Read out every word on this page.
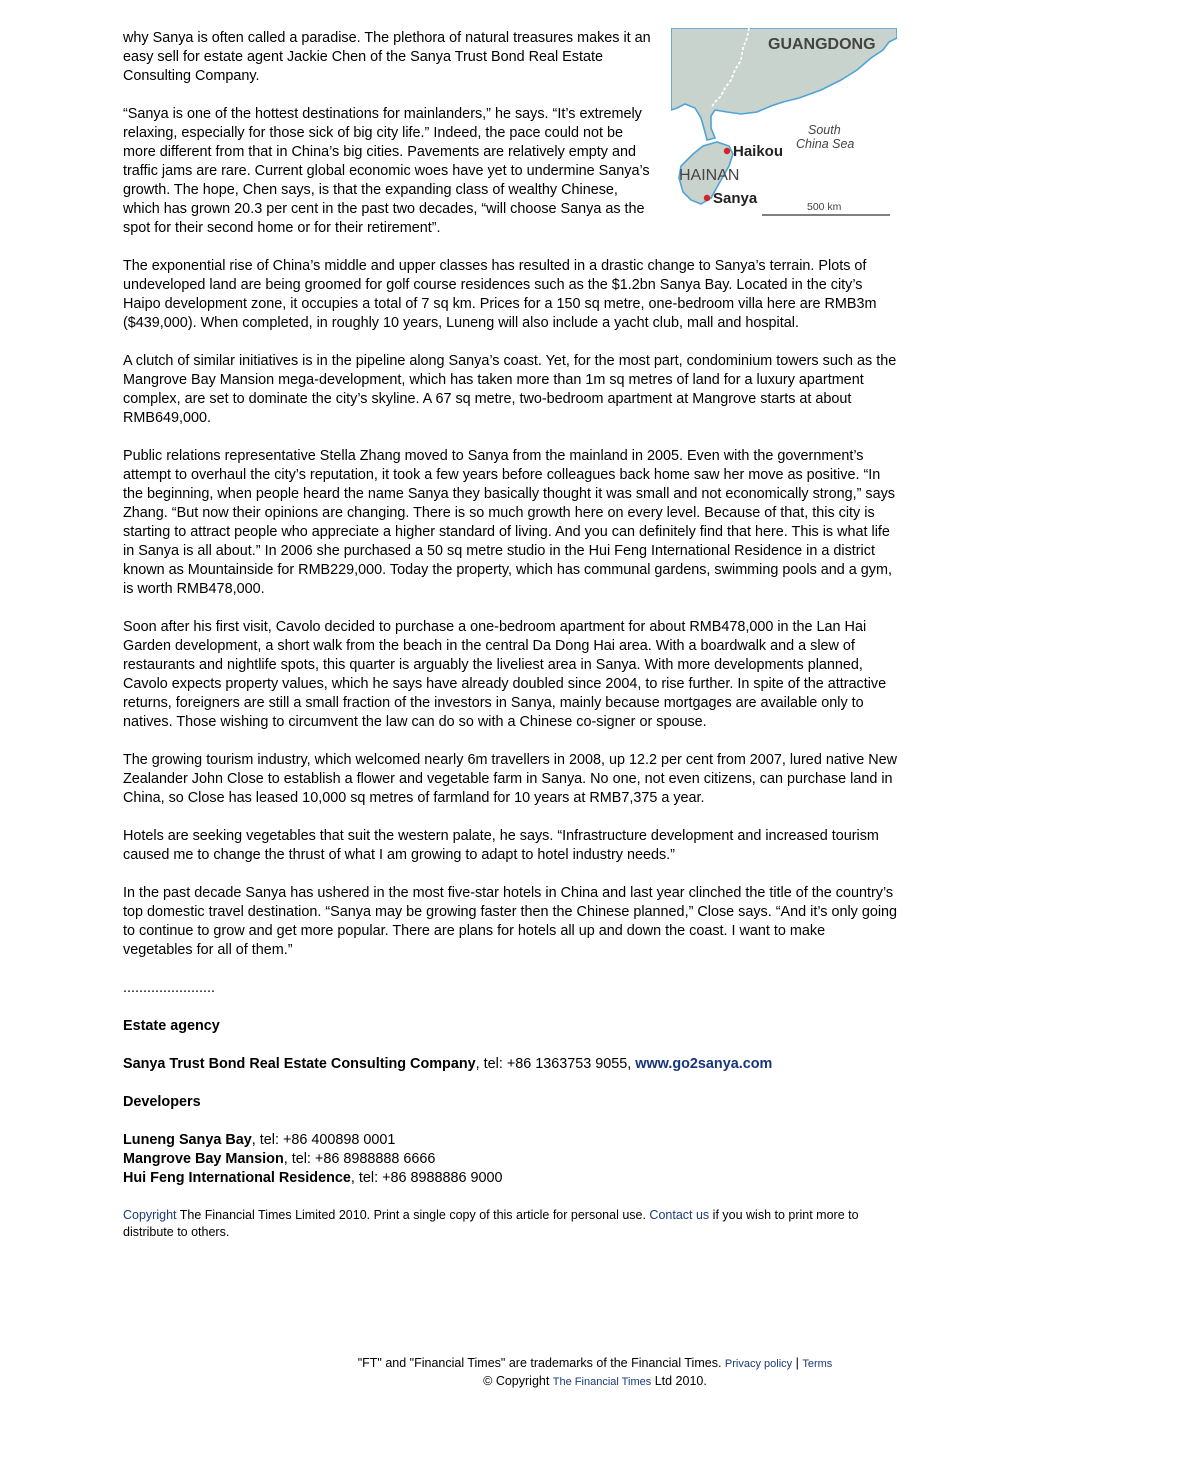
why Sanya is often called a paradise. The plethora of natural treasures makes it an easy sell for estate agent Jackie Chen of the Sanya Trust Bond Real Estate Consulting Company.

“Sanya is one of the hottest destinations for mainlanders,” he says. “It’s extremely relaxing, especially for those sick of big city life.” Indeed, the pace could not be more different from that in China’s big cities. Pavements are relatively empty and traffic jams are rare. Current global economic woes have yet to undermine Sanya’s growth. The hope, Chen says, is that the expanding class of wealthy Chinese, which has grown 20.3 per cent in the past two decades, “will choose Sanya as the spot for their second home or for their retirement”.

The exponential rise of China’s middle and upper classes has resulted in a drastic change to Sanya’s terrain. Plots of undeveloped land are being groomed for golf course residences such as the $1.2bn Sanya Bay. Located in the city’s Haipo development zone, it occupies a total of 7 sq km. Prices for a 150 sq metre, one-bedroom villa here are RMB3m ($439,000). When completed, in roughly 10 years, Luneng will also include a yacht club, mall and hospital.

A clutch of similar initiatives is in the pipeline along Sanya’s coast. Yet, for the most part, condominium towers such as the Mangrove Bay Mansion mega-development, which has taken more than 1m sq metres of land for a luxury apartment complex, are set to dominate the city’s skyline. A 67 sq metre, two-bedroom apartment at Mangrove starts at about RMB649,000.

Public relations representative Stella Zhang moved to Sanya from the mainland in 2005. Even with the government’s attempt to overhaul the city’s reputation, it took a few years before colleagues back home saw her move as positive. “In the beginning, when people heard the name Sanya they basically thought it was small and not economically strong,” says Zhang. “But now their opinions are changing. There is so much growth here on every level. Because of that, this city is starting to attract people who appreciate a higher standard of living. And you can definitely find that here. This is what life in Sanya is all about.” In 2006 she purchased a 50 sq metre studio in the Hui Feng International Residence in a district known as Mountainside for RMB229,000. Today the property, which has communal gardens, swimming pools and a gym, is worth RMB478,000.

Soon after his first visit, Cavolo decided to purchase a one-bedroom apartment for about RMB478,000 in the Lan Hai Garden development, a short walk from the beach in the central Da Dong Hai area. With a boardwalk and a slew of restaurants and nightlife spots, this quarter is arguably the liveliest area in Sanya. With more developments planned, Cavolo expects property values, which he says have already doubled since 2004, to rise further. In spite of the attractive returns, foreigners are still a small fraction of the investors in Sanya, mainly because mortgages are available only to natives. Those wishing to circumvent the law can do so with a Chinese co-signer or spouse.

The growing tourism industry, which welcomed nearly 6m travellers in 2008, up 12.2 per cent from 2007, lured native New Zealander John Close to establish a flower and vegetable farm in Sanya. No one, not even citizens, can purchase land in China, so Close has leased 10,000 sq metres of farmland for 10 years at RMB7,375 a year.

Hotels are seeking vegetables that suit the western palate, he says. “Infrastructure development and increased tourism caused me to change the thrust of what I am growing to adapt to hotel industry needs.”

In the past decade Sanya has ushered in the most five-star hotels in China and last year clinched the title of the country’s top domestic travel destination. “Sanya may be growing faster then the Chinese planned,” Close says. “And it’s only going to continue to grow and get more popular. There are plans for hotels all up and down the coast. I want to make vegetables for all of them.”

.......................

Estate agency

Sanya Trust Bond Real Estate Consulting Company, tel: +86 1363753 9055, www.go2sanya.com

Developers

Luneng Sanya Bay, tel: +86 400898 0001

Mangrove Bay Mansion, tel: +86 8988888 6666

Hui Feng International Residence, tel: +86 8988886 9000

Copyright The Financial Times Limited 2010. Print a single copy of this article for personal use. Contact us if you wish to print more to distribute to others.

GUANGDONG
South
China Sea
Haikou
HAINAN
Sanya	500 km
"FT" and "Financial Times" are trademarks of the Financial Times. Privacy policy | Terms
© Copyright The Financial Times Ltd 2010.
